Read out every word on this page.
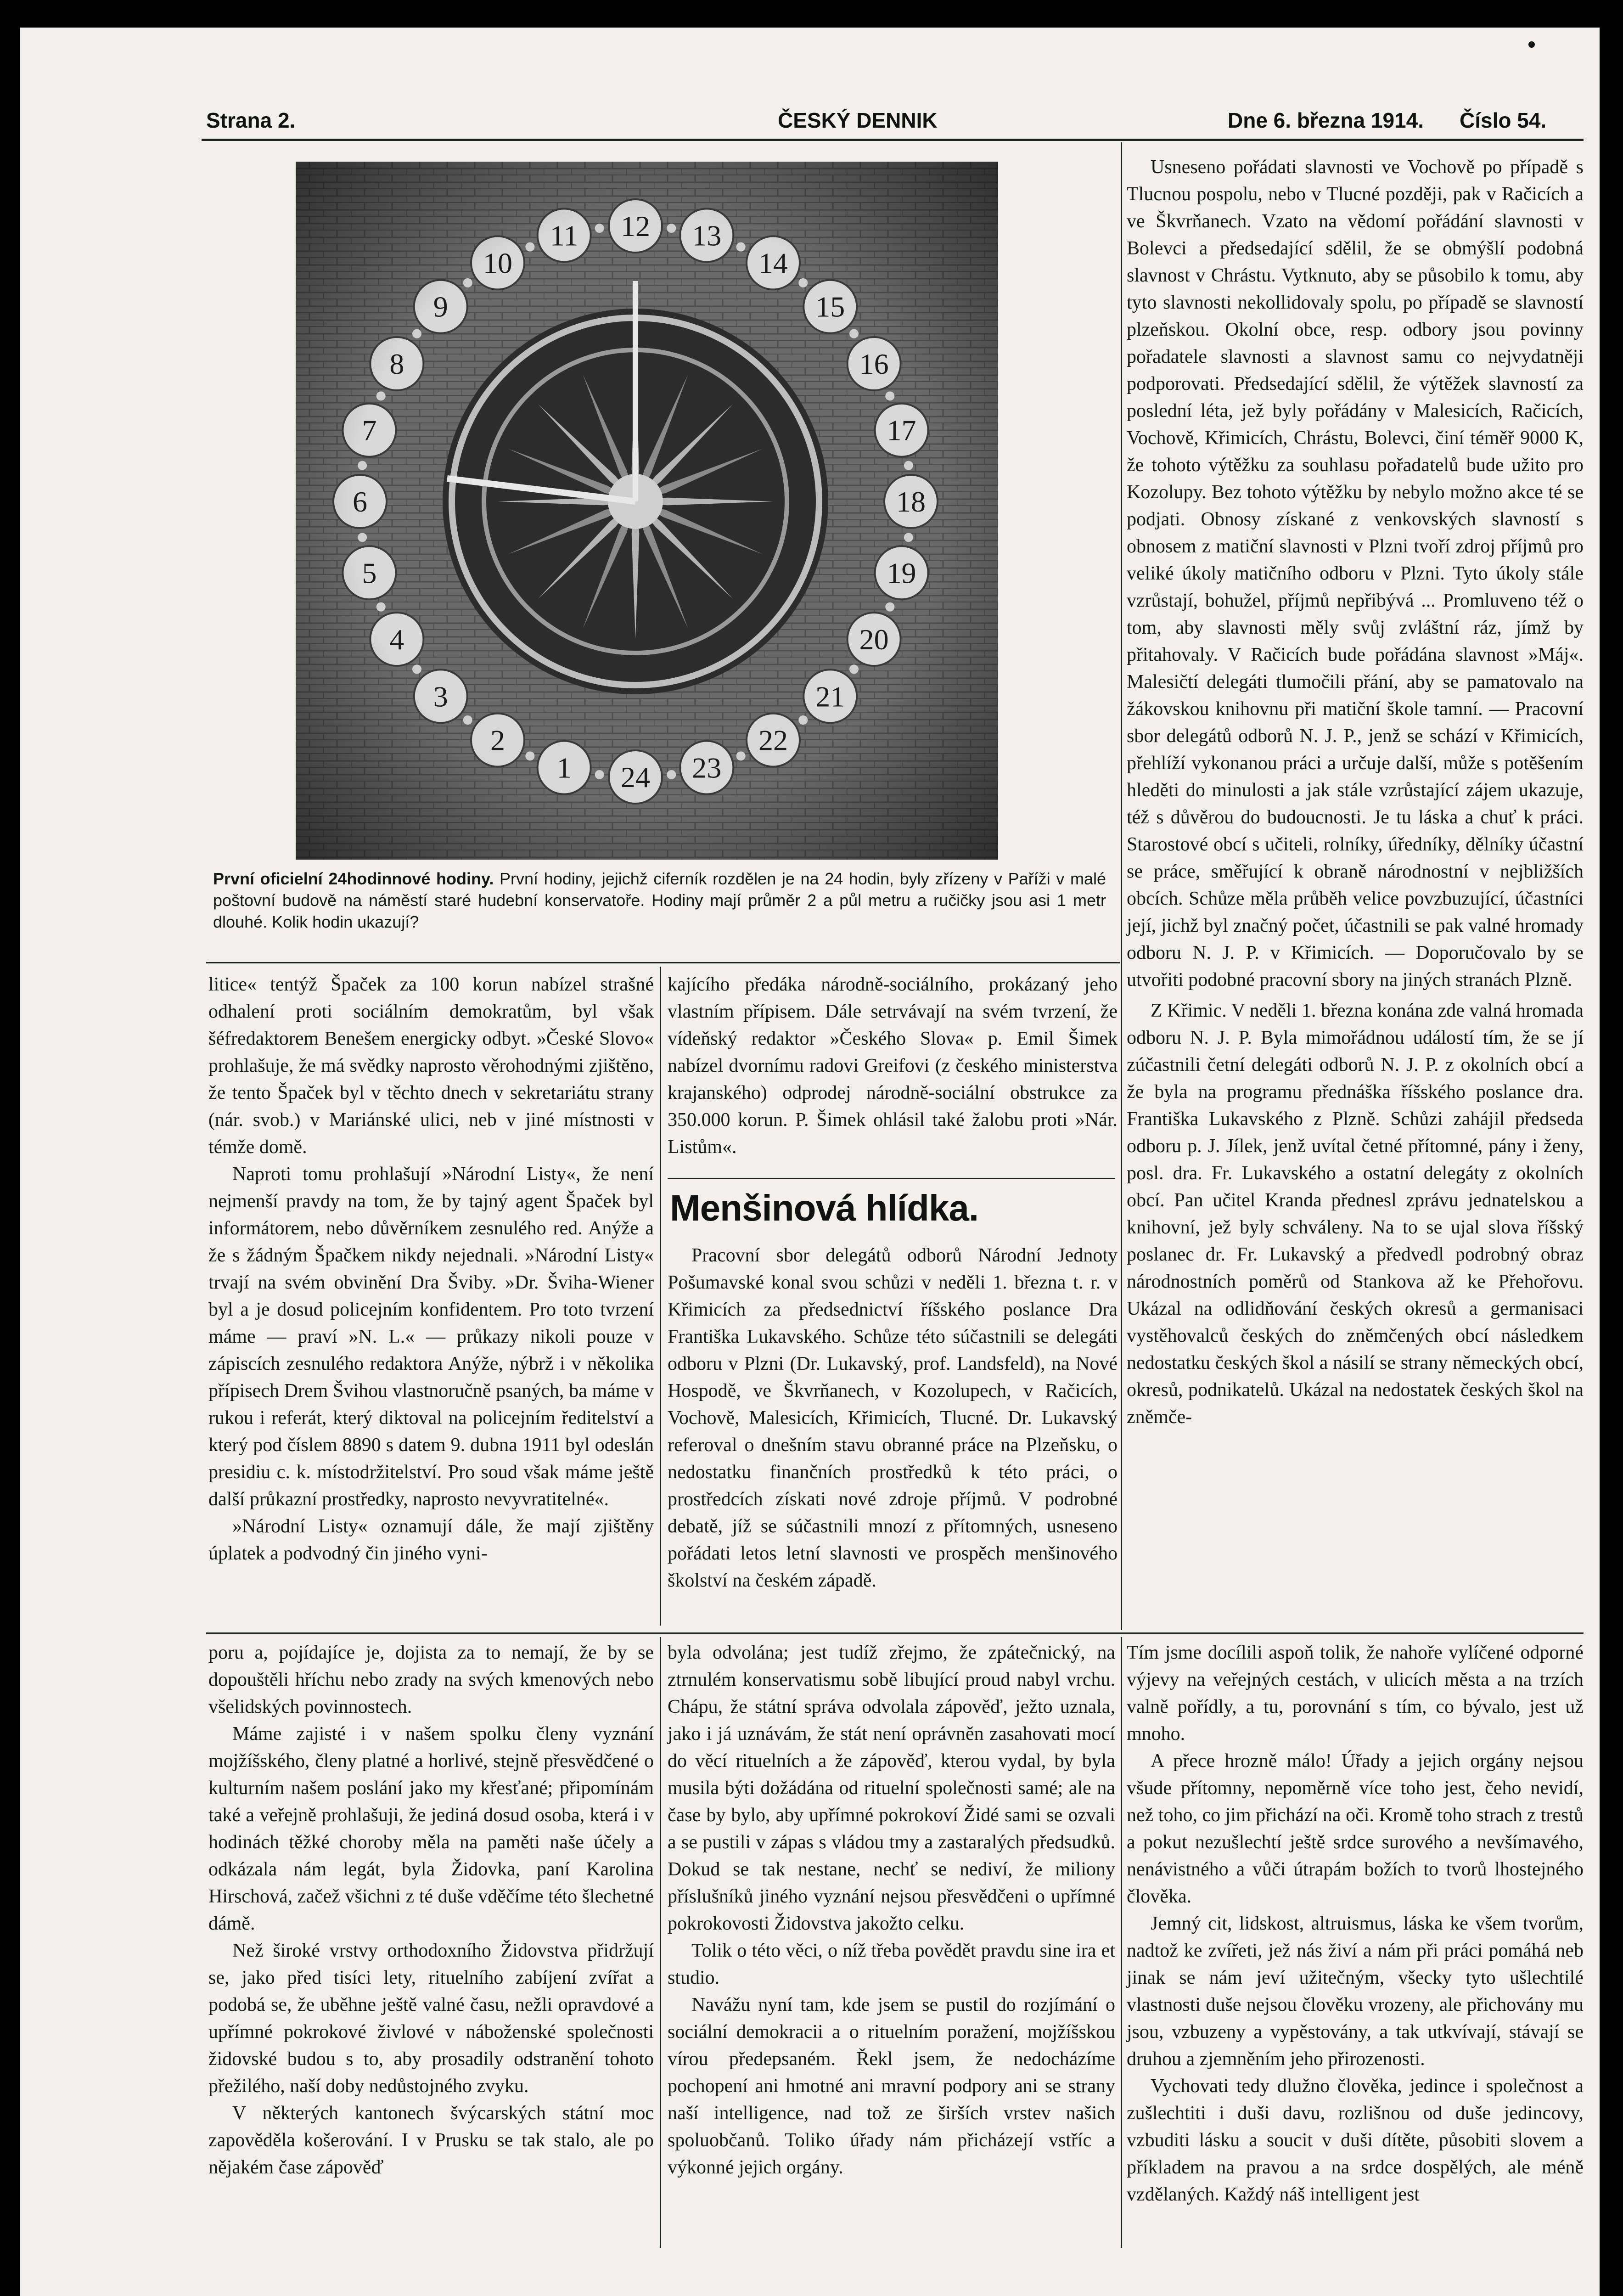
Strana 2.	ČESKÝ DENNIK	Dne 6. března 1914. Číslo 54.
První oficielní 24hodinnové hodiny. První hodiny, jejichž ciferník rozdělen je na 24 hodin, byly zřízeny v Paříži v malé poštovní budově na náměstí staré hudební konservatoře. Hodiny mají průměr 2 a půl metru a ručičky jsou asi 1 metr dlouhé. Kolik hodin ukazují?

Usneseno pořádati slavnosti ve Vochově po případě s Tlucnou pospolu, nebo v Tlucné později, pak v Račicích a ve Škvrňanech. Vzato na vědomí pořádání slavnosti v Bolevci a předsedající sdělil, že se obmýšlí podobná slavnost v Chrástu. Vytknuto, aby se působilo k tomu, aby tyto slavnosti nekollidovaly spolu, po případě se slavností plzeňskou. Okolní obce, resp. odbory jsou povinny pořadatele slavnosti a slavnost samu co nejvydatněji podporovati. Předsedající sdělil, že výtěžek slavností za poslední léta, jež byly pořádány v Malesicích, Račicích, Vochově, Křimicích, Chrástu, Bolevci, činí téměř 9000 K, že tohoto výtěžku za souhlasu pořadatelů bude užito pro Kozolupy. Bez tohoto výtěžku by nebylo možno akce té se podjati. Obnosy získané z venkovských slavností s obnosem z matiční slavnosti v Plzni tvoří zdroj příjmů pro veliké úkoly matičního odboru v Plzni. Tyto úkoly stále vzrůstají, bohužel, příjmů nepřibývá ... Promluveno též o tom, aby slavnosti měly svůj zvláštní ráz, jímž by přitahovaly. V Račicích bude pořádána slavnost »Máj«. Malesičtí delegáti tlumočili přání, aby se pamatovalo na žákovskou knihovnu při matiční škole tamní. — Pracovní sbor delegátů odborů N. J. P., jenž se schází v Křimicích, přehlíží vykonanou práci a určuje další, může s potěšením hleděti do minulosti a jak stále vzrůstající zájem ukazuje, též s důvěrou do budoucnosti. Je tu láska a chuť k práci. Starostové obcí s učiteli, rolníky, úředníky, dělníky účastní se práce, směřující k obraně národnostní v nejbližších obcích. Schůze měla průběh velice povzbuzující, účastníci její, jichž byl značný počet, účastnili se pak valné hromady odboru N. J. P. v Křimicích. — Doporučovalo by se utvořiti podobné pracovní sbory na jiných stranách Plzně.

Z Křimic. V neděli 1. března konána zde valná hromada odboru N. J. P. Byla mimořádnou událostí tím, že se jí zúčastnili četní delegáti odborů N. J. P. z okolních obcí a že byla na programu přednáška říšského poslance dra. Františka Lukavského z Plzně. Schůzi zahájil předseda odboru p. J. Jílek, jenž uvítal četné přítomné, pány i ženy, posl. dra. Fr. Lukavského a ostatní delegáty z okolních obcí. Pan učitel Kranda přednesl zprávu jednatelskou a knihovní, jež byly schváleny. Na to se ujal slova říšský poslanec dr. Fr. Lukavský a předvedl podrobný obraz národnostních poměrů od Stankova až ke Přehořovu. Ukázal na odlidňování českých okresů a germanisaci vystěhovalců českých do zněmčených obcí následkem nedostatku českých škol a násilí se strany německých obcí, okresů, podnikatelů. Ukázal na nedostatek českých škol na zněmče-

litice« tentýž Špaček za 100 korun nabízel strašné odhalení proti sociálním demokratům, byl však šéfredaktorem Benešem energicky odbyt. »České Slovo« prohlašuje, že má svědky naprosto věrohodnými zjištěno, že tento Špaček byl v těchto dnech v sekretariátu strany (nár. svob.) v Mariánské ulici, neb v jiné místnosti v témže domě.

Naproti tomu prohlašují »Národní Listy«, že není nejmenší pravdy na tom, že by tajný agent Špaček byl informátorem, nebo důvěrníkem zesnulého red. Anýže a že s žádným Špačkem nikdy nejednali. »Národní Listy« trvají na svém obvinění Dra Šviby. »Dr. Šviha-Wiener byl a je dosud policejním konfidentem. Pro toto tvrzení máme — praví »N. L.« — průkazy nikoli pouze v zápiscích zesnulého redaktora Anýže, nýbrž i v několika přípisech Drem Švihou vlastnoručně psaných, ba máme v rukou i referát, který diktoval na policejním ředitelství a který pod číslem 8890 s datem 9. dubna 1911 byl odeslán presidiu c. k. místodržitelství. Pro soud však máme ještě další průkazní prostředky, naprosto nevyvratitelné«.

»Národní Listy« oznamují dále, že mají zjištěny úplatek a podvodný čin jiného vyni-

kajícího předáka národně-sociálního, prokázaný jeho vlastním přípisem. Dále setrvávají na svém tvrzení, že vídeňský redaktor »Českého Slova« p. Emil Šimek nabízel dvornímu radovi Greifovi (z českého ministerstva krajanského) odprodej národně-sociální obstrukce za 350.000 korun. P. Šimek ohlásil také žalobu proti »Nár. Listům«.

Menšinová hlídka.

Pracovní sbor delegátů odborů Národní Jednoty Pošumavské konal svou schůzi v neděli 1. března t. r. v Křimicích za předsednictví říšského poslance Dra Františka Lukavského. Schůze této súčastnili se delegáti odboru v Plzni (Dr. Lukavský, prof. Landsfeld), na Nové Hospodě, ve Škvrňanech, v Kozolupech, v Račicích, Vochově, Malesicích, Křimicích, Tlucné. Dr. Lukavský referoval o dnešním stavu obranné práce na Plzeňsku, o nedostatku finančních prostředků k této práci, o prostředcích získati nové zdroje příjmů. V podrobné debatě, jíž se súčastnili mnozí z přítomných, usneseno pořádati letos letní slavnosti ve prospěch menšinového školství na českém západě.

poru a, pojídajíce je, dojista za to nemají, že by se dopouštěli hříchu nebo zrady na svých kmenových nebo všelidských povinnostech.

Máme zajisté i v našem spolku členy vyznání mojžíšského, členy platné a horlivé, stejně přesvědčené o kulturním našem poslání jako my křesťané; připomínám také a veřejně prohlašuji, že jediná dosud osoba, která i v hodinách těžké choroby měla na paměti naše účely a odkázala nám legát, byla Židovka, paní Karolina Hirschová, začež všichni z té duše vděčíme této šlechetné dámě.

Než široké vrstvy orthodoxního Židovstva přidržují se, jako před tisíci lety, rituelního zabíjení zvířat a podobá se, že uběhne ještě valné času, nežli opravdové a upřímné pokrokové živlové v náboženské společnosti židovské budou s to, aby prosadily odstranění tohoto přežilého, naší doby nedůstojného zvyku.

V některých kantonech švýcarských státní moc zapověděla košerování. I v Prusku se tak stalo, ale po nějakém čase zápověď

byla odvolána; jest tudíž zřejmo, že zpátečnický, na ztrnulém konservatismu sobě libující proud nabyl vrchu. Chápu, že státní správa odvolala zápověď, ježto uznala, jako i já uznávám, že stát není oprávněn zasahovati mocí do věcí rituelních a že zápověď, kterou vydal, by byla musila býti dožádána od rituelní společnosti samé; ale na čase by bylo, aby upřímné pokrokoví Židé sami se ozvali a se pustili v zápas s vládou tmy a zastaralých předsudků. Dokud se tak nestane, nechť se nediví, že miliony příslušníků jiného vyznání nejsou přesvědčeni o upřímné pokrokovosti Židovstva jakožto celku.

Tolik o této věci, o níž třeba povědět pravdu sine ira et studio.

Navážu nyní tam, kde jsem se pustil do rozjímání o sociální demokracii a o rituelním poražení, mojžíšskou vírou předepsaném. Řekl jsem, že nedocházíme pochopení ani hmotné ani mravní podpory ani se strany naší intelligence, nad tož ze širších vrstev našich spoluobčanů. Toliko úřady nám přicházejí vstříc a výkonné jejich orgány.

Tím jsme docílili aspoň tolik, že nahoře vylíčené odporné výjevy na veřejných cestách, v ulicích města a na trzích valně pořídly, a tu, porovnání s tím, co bývalo, jest už mnoho.

A přece hrozně málo! Úřady a jejich orgány nejsou všude přítomny, nepoměrně více toho jest, čeho nevidí, než toho, co jim přichází na oči. Kromě toho strach z trestů a pokut nezušlechtí ještě srdce surového a nevšímavého, nenávistného a vůči útrapám božích to tvorů lhostejného člověka.

Jemný cit, lidskost, altruismus, láska ke všem tvorům, nadtož ke zvířeti, jež nás živí a nám při práci pomáhá neb jinak se nám jeví užitečným, všecky tyto ušlechtilé vlastnosti duše nejsou člověku vrozeny, ale přichovány mu jsou, vzbuzeny a vypěstovány, a tak utkvívají, stávají se druhou a zjemněním jeho přirozenosti.

Vychovati tedy dlužno člověka, jedince i společnost a zušlechtiti i duši davu, rozlišnou od duše jedincovy, vzbuditi lásku a soucit v duši dítěte, působiti slovem a příkladem na pravou a na srdce dospělých, ale méně vzdělaných. Každý náš intelligent jest
